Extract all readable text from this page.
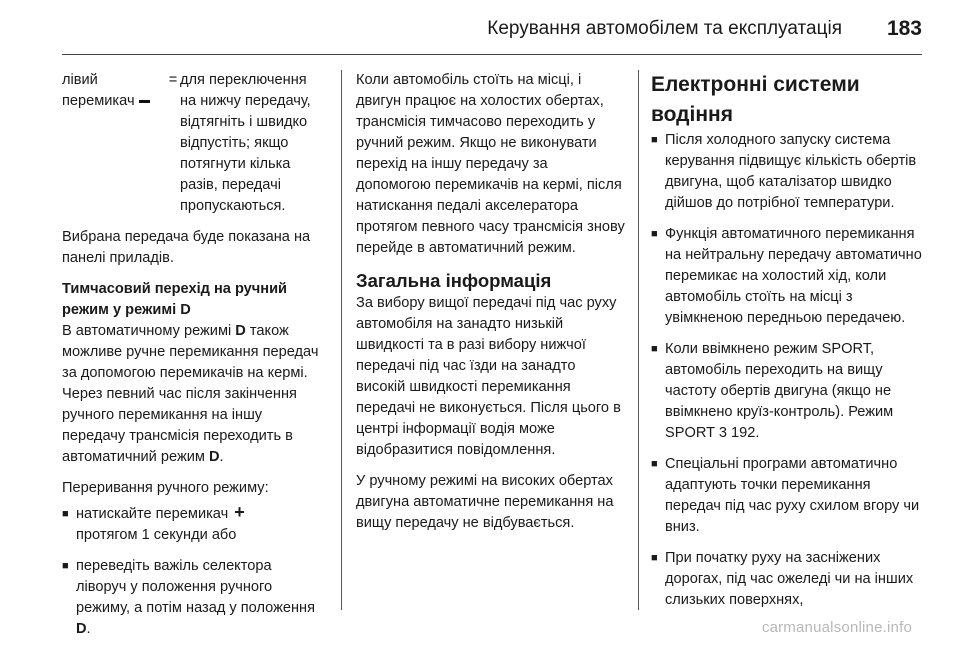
Керування автомобілем та експлуатація 183
лівий
перемикач
= для переключення на нижчу передачу, відтягніть і швидко відпустіть; якщо потягнути кілька разів, передачі пропускаються.

Вибрана передача буде показана на панелі приладів.

Тимчасовий перехід на ручний режим у режимі D

В автоматичному режимі D також можливе ручне перемикання передач за допомогою перемикачів на кермі. Через певний час після закінчення ручного перемикання на іншу передачу трансмісія переходить в автоматичний режим D.

Переривання ручного режиму:

■ натискайте перемикач +
протягом 1 секунди або
■ переведіть важіль селектора ліворуч у положення ручного режиму, а потім назад у положення D.

Коли автомобіль стоїть на місці, і двигун працює на холостих обертах, трансмісія тимчасово переходить у ручний режим. Якщо не виконувати перехід на іншу передачу за допомогою перемикачів на кермі, після натискання педалі акселератора протягом певного часу трансмісія знову перейде в автоматичний режим.

Загальна інформація

За вибору вищої передачі під час руху автомобіля на занадто низькій швидкості та в разі вибору нижчої передачі під час їзди на занадто високій швидкості перемикання передачі не виконується. Після цього в центрі інформації водія може відобразитися повідомлення.

У ручному режимі на високих обертах двигуна автоматичне перемикання на вищу передачу не відбувається.

Електронні системи водіння

■ Після холодного запуску система керування підвищує кількість обертів двигуна, щоб каталізатор швидко дійшов до потрібної температури.
■ Функція автоматичного перемикання на нейтральну передачу автоматично перемикає на холостий хід, коли автомобіль стоїть на місці з увімкненою передньою передачею.
■ Коли ввімкнено режим SPORT, автомобіль переходить на вищу частоту обертів двигуна (якщо не ввімкнено круїз-контроль). Режим SPORT 3 192.
■ Спеціальні програми автоматично адаптують точки перемикання передач під час руху схилом вгору чи вниз.
■ При початку руху на засніжених дорогах, під час ожеледі чи на інших слизьких поверхнях,
carmanualsonline.info
